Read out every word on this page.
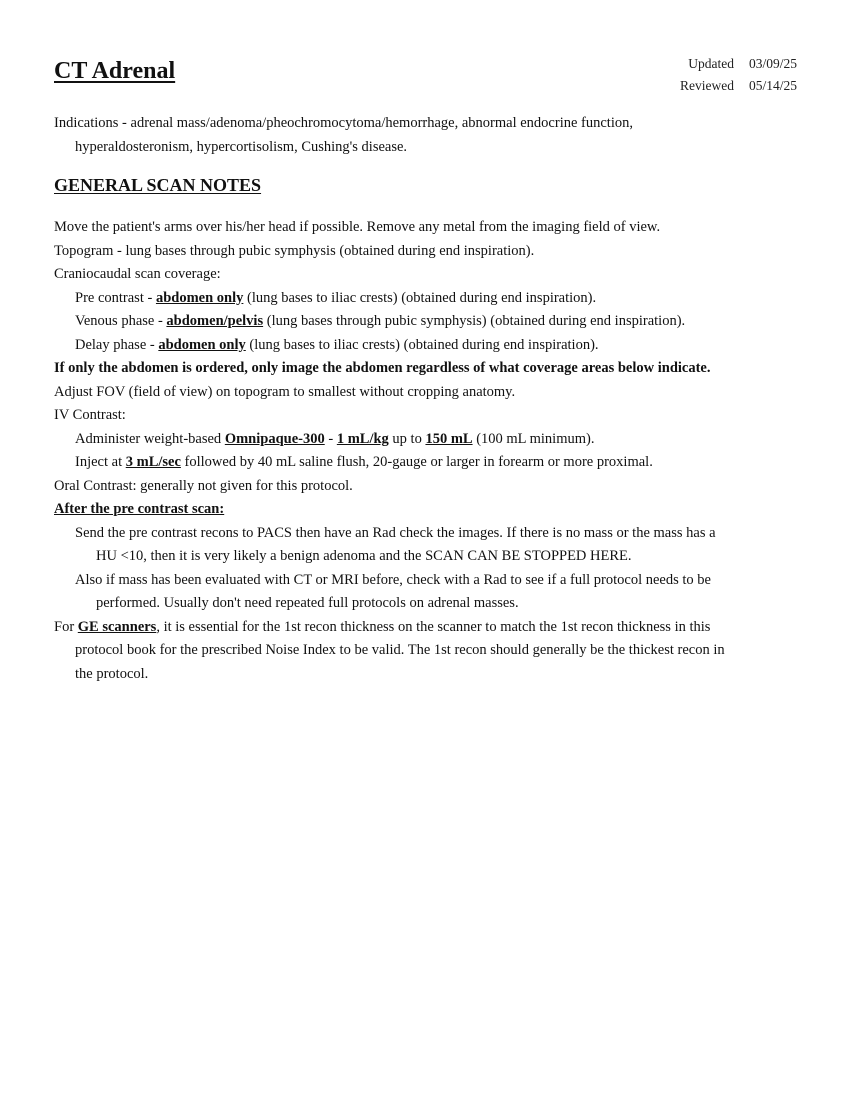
CT Adrenal	Updated 03/09/25
Reviewed 05/14/25
Indications - adrenal mass/adenoma/pheochromocytoma/hemorrhage, abnormal endocrine function,
hyperaldosteronism, hypercortisolism, Cushing's disease.
GENERAL SCAN NOTES
Move the patient's arms over his/her head if possible. Remove any metal from the imaging field of view.
Topogram - lung bases through pubic symphysis (obtained during end inspiration).
Craniocaudal scan coverage:
Pre contrast - abdomen only (lung bases to iliac crests) (obtained during end inspiration).
Venous phase - abdomen/pelvis (lung bases through pubic symphysis) (obtained during end inspiration).
Delay phase - abdomen only (lung bases to iliac crests) (obtained during end inspiration).
If only the abdomen is ordered, only image the abdomen regardless of what coverage areas below indicate.
Adjust FOV (field of view) on topogram to smallest without cropping anatomy.
IV Contrast:
Administer weight-based Omnipaque-300 - 1 mL/kg up to 150 mL (100 mL minimum).
Inject at 3 mL/sec followed by 40 mL saline flush, 20-gauge or larger in forearm or more proximal.
Oral Contrast: generally not given for this protocol.
After the pre contrast scan:
Send the pre contrast recons to PACS then have an Rad check the images. If there is no mass or the mass has a
HU <10, then it is very likely a benign adenoma and the SCAN CAN BE STOPPED HERE.
Also if mass has been evaluated with CT or MRI before, check with a Rad to see if a full protocol needs to be
performed. Usually don't need repeated full protocols on adrenal masses.
For GE scanners, it is essential for the 1st recon thickness on the scanner to match the 1st recon thickness in this
protocol book for the prescribed Noise Index to be valid. The 1st recon should generally be the thickest recon in
the protocol.
